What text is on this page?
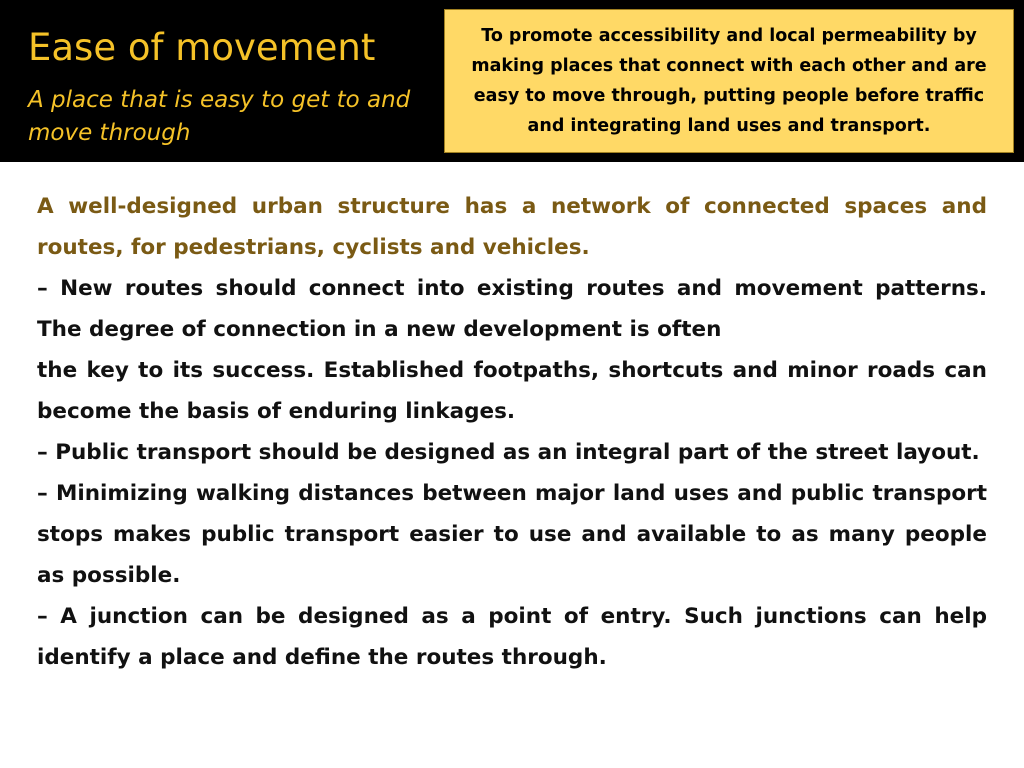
Ease of movement

A place that is easy to get to and move through

To promote accessibility and local permeability by making places that connect with each other and are easy to move through, putting people before traffic and integrating land uses and transport.

A well-designed urban structure has a network of connected spaces and routes, for pedestrians, cyclists and vehicles.

– New routes should connect into existing routes and movement patterns. The degree of connection in a new development is often

the key to its success. Established footpaths, shortcuts and minor roads can become the basis of enduring linkages.

– Public transport should be designed as an integral part of the street layout.

– Minimizing walking distances between major land uses and public transport stops makes public transport easier to use and available to as many people as possible.

– A junction can be designed as a point of entry. Such junctions can help identify a place and define the routes through.
